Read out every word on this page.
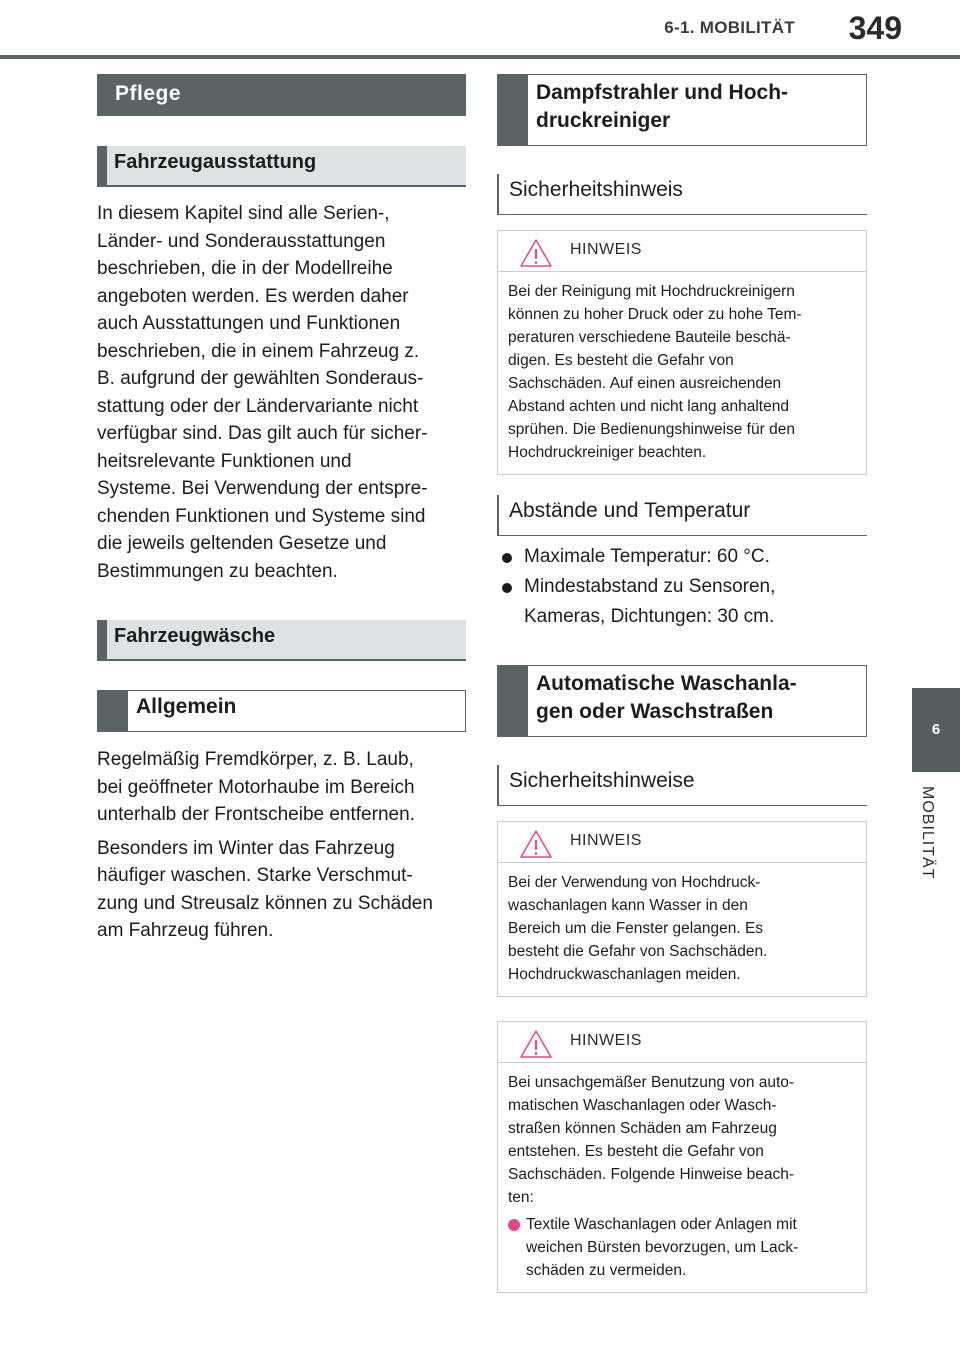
6-1. MOBILITÄT 349
6
MOBILITÄT
Pflege
Fahrzeugausstattung
In diesem Kapitel sind alle Serien-,
Länder- und Sonderausstattungen
beschrieben, die in der Modellreihe
angeboten werden. Es werden daher
auch Ausstattungen und Funktionen
beschrieben, die in einem Fahrzeug z.
B. aufgrund der gewählten Sonderaus-
stattung oder der Ländervariante nicht
verfügbar sind. Das gilt auch für sicher-
heitsrelevante Funktionen und
Systeme. Bei Verwendung der entspre-
chenden Funktionen und Systeme sind
die jeweils geltenden Gesetze und
Bestimmungen zu beachten.
Fahrzeugwäsche
Allgemein
Regelmäßig Fremdkörper, z. B. Laub,
bei geöffneter Motorhaube im Bereich
unterhalb der Frontscheibe entfernen.
Besonders im Winter das Fahrzeug
häufiger waschen. Starke Verschmut-
zung und Streusalz können zu Schäden
am Fahrzeug führen.
Dampfstrahler und Hoch-
druckreiniger
Sicherheitshinweis
HINWEIS
Bei der Reinigung mit Hochdruckreinigern
können zu hoher Druck oder zu hohe Tem-
peraturen verschiedene Bauteile beschä-
digen. Es besteht die Gefahr von
Sachschäden. Auf einen ausreichenden
Abstand achten und nicht lang anhaltend
sprühen. Die Bedienungshinweise für den
Hochdruckreiniger beachten.
Abstände und Temperatur
Maximale Temperatur: 60 °C.
Mindestabstand zu Sensoren,
Kameras, Dichtungen: 30 cm.
Automatische Waschanla-
gen oder Waschstraßen
Sicherheitshinweise
HINWEIS
Bei der Verwendung von Hochdruck-
waschanlagen kann Wasser in den
Bereich um die Fenster gelangen. Es
besteht die Gefahr von Sachschäden.
Hochdruckwaschanlagen meiden.
HINWEIS
Bei unsachgemäßer Benutzung von auto-
matischen Waschanlagen oder Wasch-
straßen können Schäden am Fahrzeug
entstehen. Es besteht die Gefahr von
Sachschäden. Folgende Hinweise beach-
ten:
Textile Waschanlagen oder Anlagen mit
weichen Bürsten bevorzugen, um Lack-
schäden zu vermeiden.
